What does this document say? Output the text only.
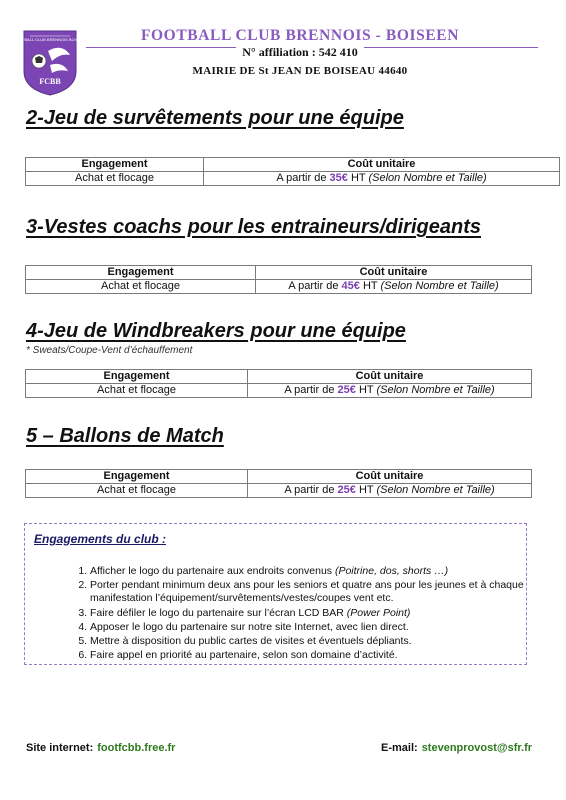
FOOTBALL CLUB BRENNOIS BOISEEN
FCBB
FOOTBALL CLUB BRENNOIS - BOISEEN
N° affiliation : 542 410
MAIRIE DE St JEAN DE BOISEAU 44640
2-Jeu de survêtements pour une équipe
Engagement	Coût unitaire
Achat et flocage	A partir de 35€ HT (Selon Nombre et Taille)
3-Vestes coachs pour les entraineurs/dirigeants
Engagement	Coût unitaire
Achat et flocage	A partir de 45€ HT (Selon Nombre et Taille)
4-Jeu de Windbreakers pour une équipe
* Sweats/Coupe-Vent d’échauffement
Engagement	Coût unitaire
Achat et flocage	A partir de 25€ HT (Selon Nombre et Taille)
5 – Ballons de Match
Engagement	Coût unitaire
Achat et flocage	A partir de 25€ HT (Selon Nombre et Taille)
Engagements du club :
1. Afficher le logo du partenaire aux endroits convenus (Poitrine, dos, shorts …)
2. Porter pendant minimum deux ans pour les seniors et quatre ans pour les jeunes et à chaque manifestation l’équipement/survêtements/vestes/coupes vent etc.
3. Faire défiler le logo du partenaire sur l’écran LCD BAR (Power Point)
4. Apposer le logo du partenaire sur notre site Internet, avec lien direct.
5. Mettre à disposition du public cartes de visites et éventuels dépliants.
6. Faire appel en priorité au partenaire, selon son domaine d’activité.
Site internet: footfcbb.free.fr	E-mail: stevenprovost@sfr.fr
